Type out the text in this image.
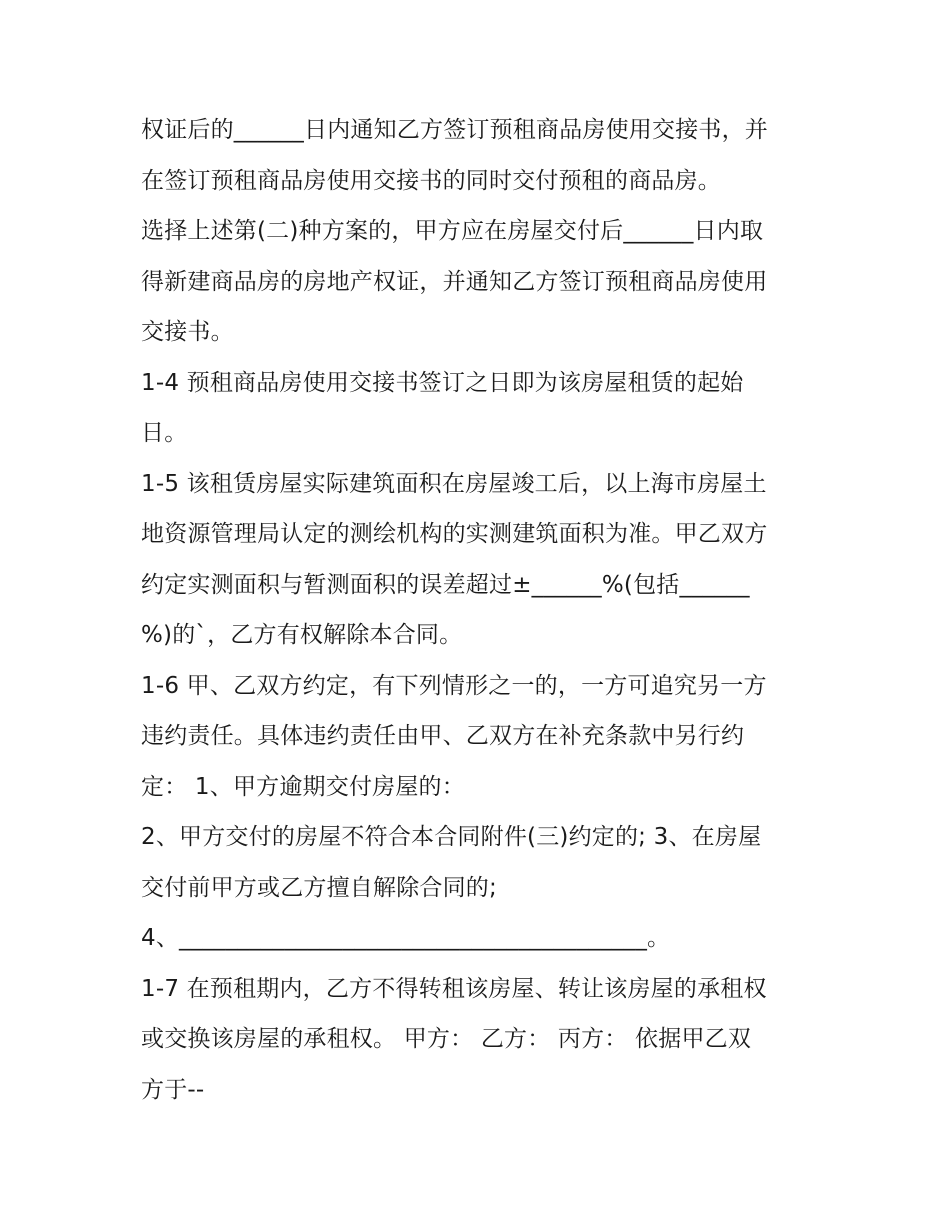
权证后的______日内通知乙方签订预租商品房使用交接书，并
在签订预租商品房使用交接书的同时交付预租的商品房。
选择上述第(二)种方案的，甲方应在房屋交付后______日内取
得新建商品房的房地产权证，并通知乙方签订预租商品房使用
交接书。
1-4 预租商品房使用交接书签订之日即为该房屋租赁的起始
日。
1-5 该租赁房屋实际建筑面积在房屋竣工后，以上海市房屋土
地资源管理局认定的测绘机构的实测建筑面积为准。甲乙双方
约定实测面积与暂测面积的误差超过±______%(包括______
%)的`，乙方有权解除本合同。
1-6 甲、乙双方约定，有下列情形之一的，一方可追究另一方
违约责任。具体违约责任由甲、乙双方在补充条款中另行约
定： 1、甲方逾期交付房屋的：
2、甲方交付的房屋不符合本合同附件(三)约定的; 3、在房屋
交付前甲方或乙方擅自解除合同的;
4、________________________________________。
1-7 在预租期内，乙方不得转租该房屋、转让该房屋的承租权
或交换该房屋的承租权。 甲方： 乙方： 丙方： 依据甲乙双
方于--
